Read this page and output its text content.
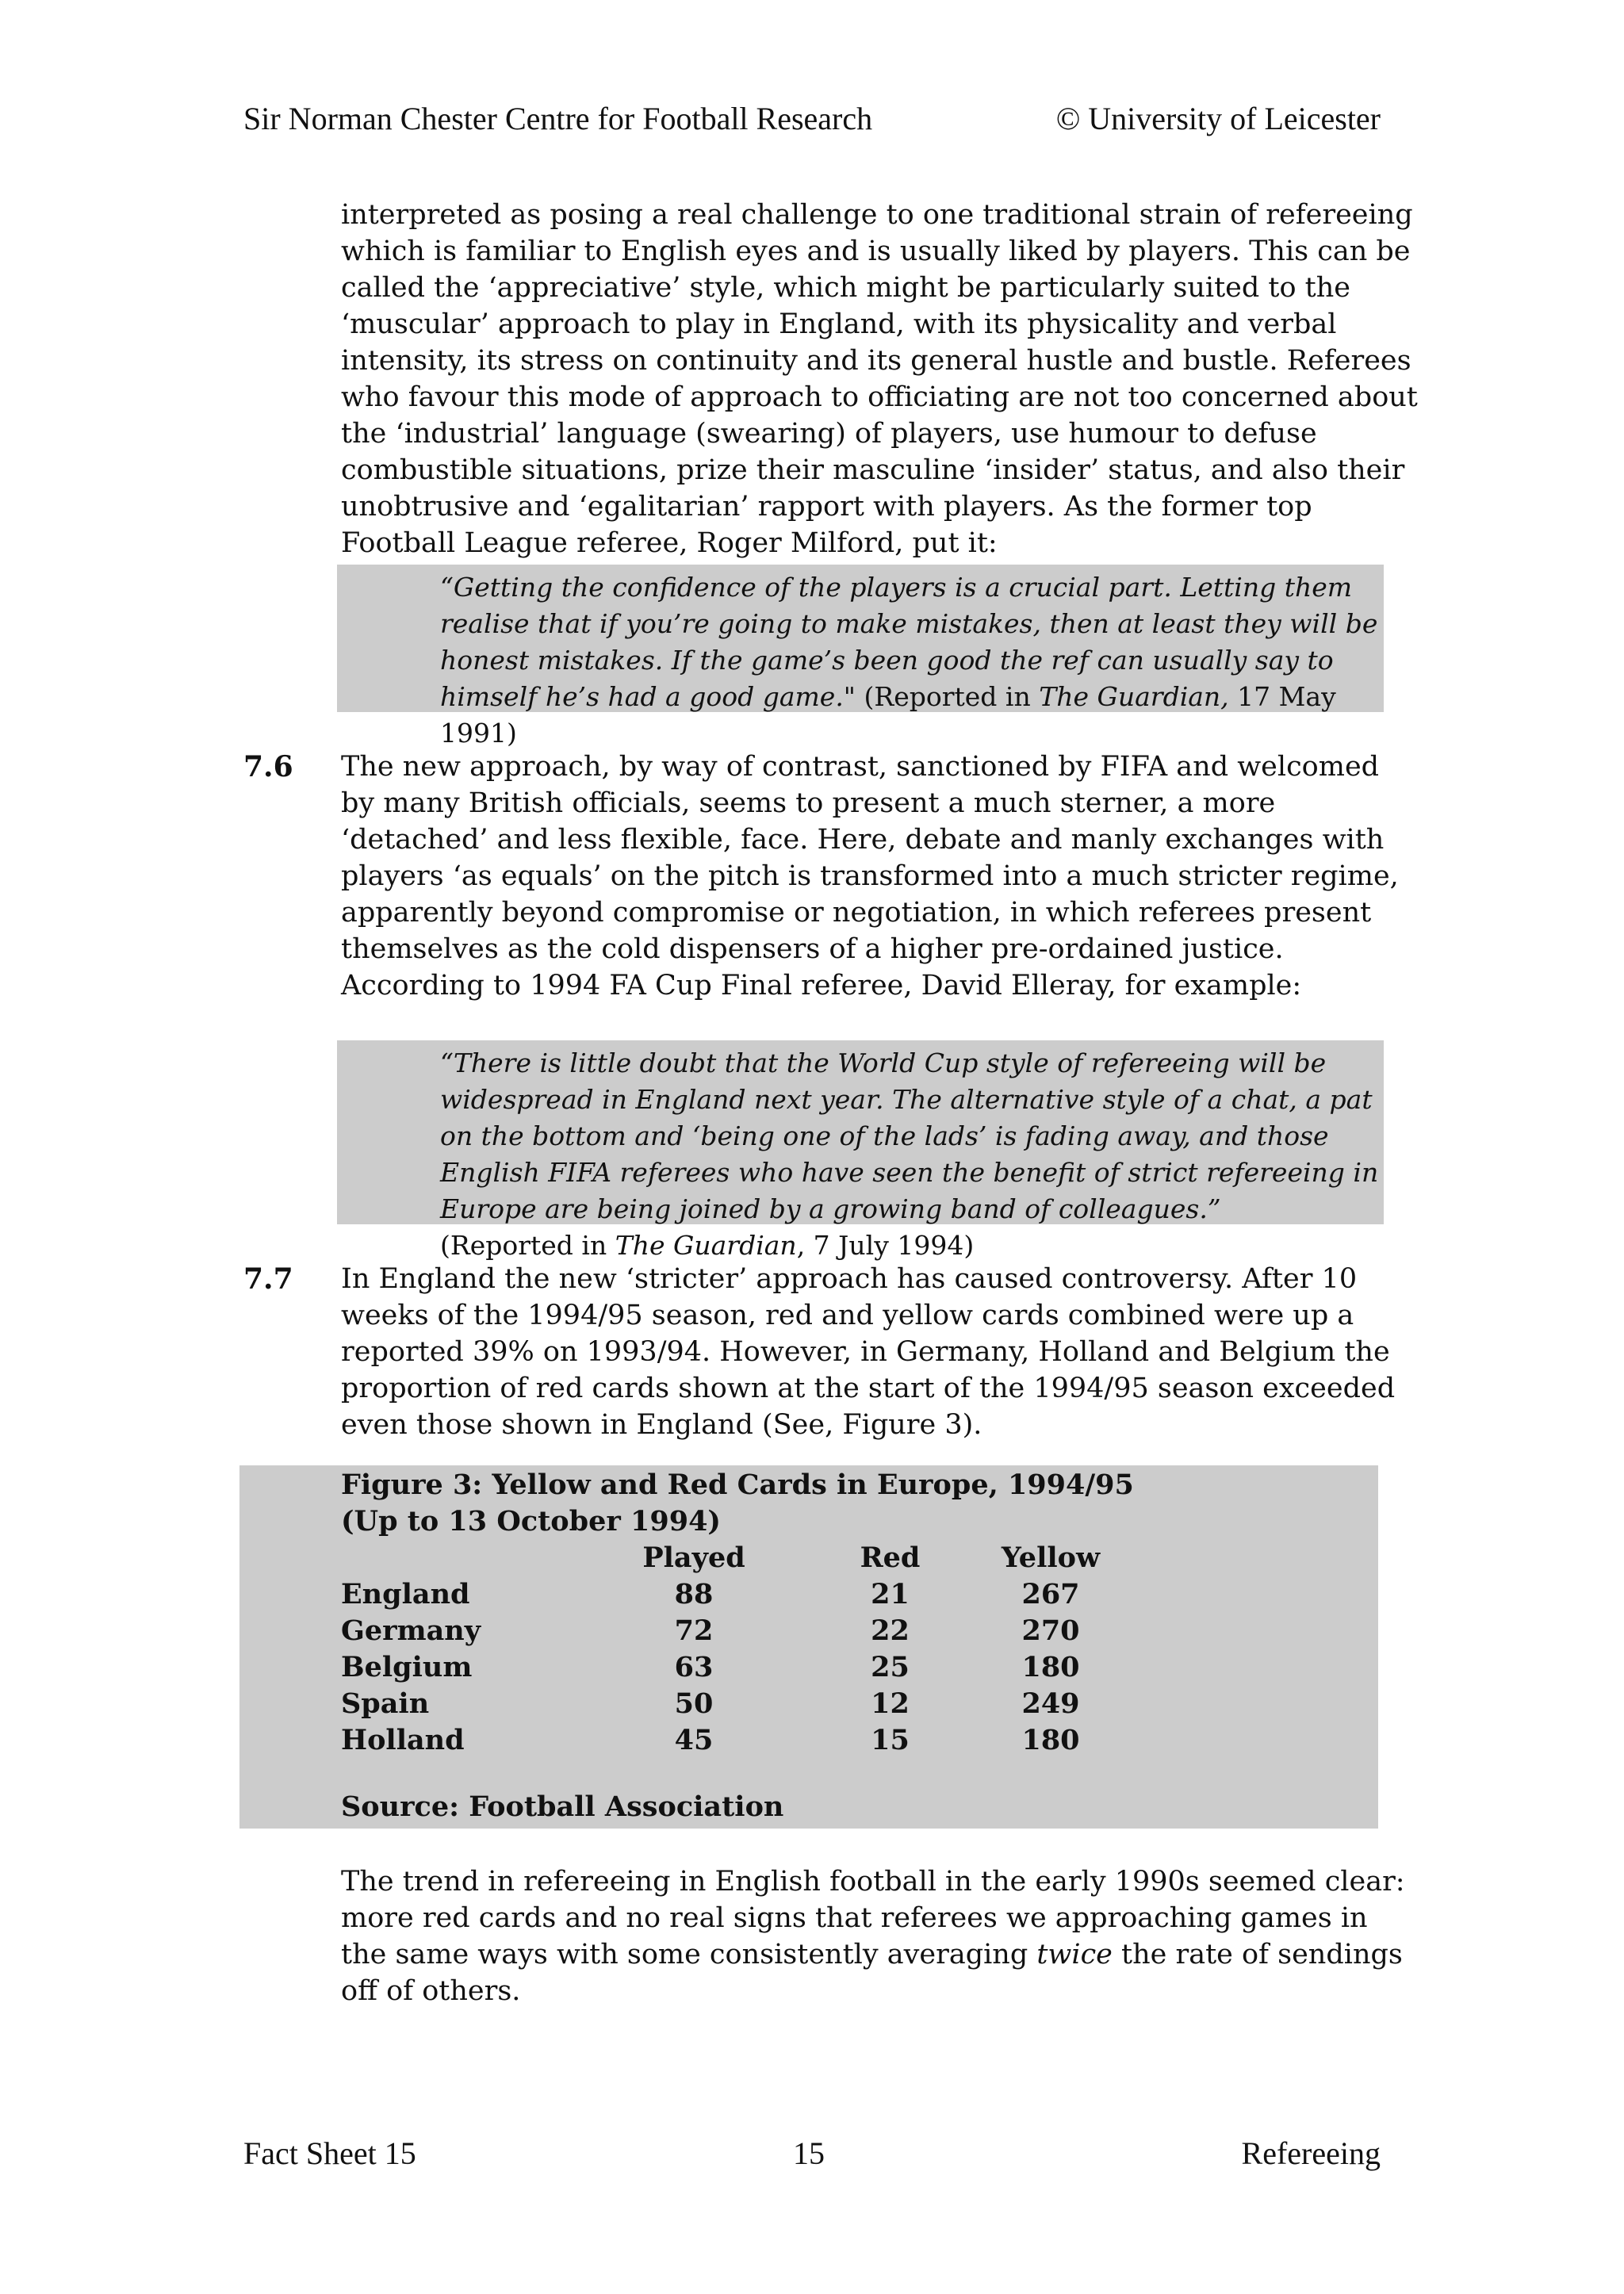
Sir Norman Chester Centre for Football Research	© University of Leicester

interpreted as posing a real challenge to one traditional strain of refereeing which is familiar to English eyes and is usually liked by players. This can be called the ‘appreciative’ style, which might be particularly suited to the ‘muscular’ approach to play in England, with its physicality and verbal intensity, its stress on continuity and its general hustle and bustle. Referees who favour this mode of approach to officiating are not too concerned about the ‘industrial’ language (swearing) of players, use humour to defuse combustible situations, prize their masculine ‘insider’ status, and also their unobtrusive and ‘egalitarian’ rapport with players. As the former top Football League referee, Roger Milford, put it:

“Getting the confidence of the players is a crucial part. Letting them realise that if you’re going to make mistakes, then at least they will be honest mistakes. If the game’s been good the ref can usually say to himself he’s had a good game." (Reported in The Guardian, 17 May 1991)

7.6 The new approach, by way of contrast, sanctioned by FIFA and welcomed by many British officials, seems to present a much sterner, a more ‘detached’ and less flexible, face. Here, debate and manly exchanges with players ‘as equals’ on the pitch is transformed into a much stricter regime, apparently beyond compromise or negotiation, in which referees present themselves as the cold dispensers of a higher pre-ordained justice. According to 1994 FA Cup Final referee, David Elleray, for example:

“There is little doubt that the World Cup style of refereeing will be widespread in England next year. The alternative style of a chat, a pat on the bottom and ‘being one of the lads’ is fading away, and those English FIFA referees who have seen the benefit of strict refereeing in Europe are being joined by a growing band of colleagues.”
(Reported in The Guardian, 7 July 1994)

7.7 In England the new ‘stricter’ approach has caused controversy. After 10 weeks of the 1994/95 season, red and yellow cards combined were up a reported 39% on 1993/94. However, in Germany, Holland and Belgium the proportion of red cards shown at the start of the 1994/95 season exceeded even those shown in England (See, Figure 3).

Figure 3: Yellow and Red Cards in Europe, 1994/95
(Up to 13 October 1994)
	Played	Red	Yellow
England	88	21	267
Germany	72	22	270
Belgium	63	25	180
Spain	50	12	249
Holland	45	15	180
Source: Football Association

The trend in refereeing in English football in the early 1990s seemed clear: more red cards and no real signs that referees we approaching games in the same ways with some consistently averaging twice the rate of sendings off of others.

Fact Sheet 15	15	Refereeing
